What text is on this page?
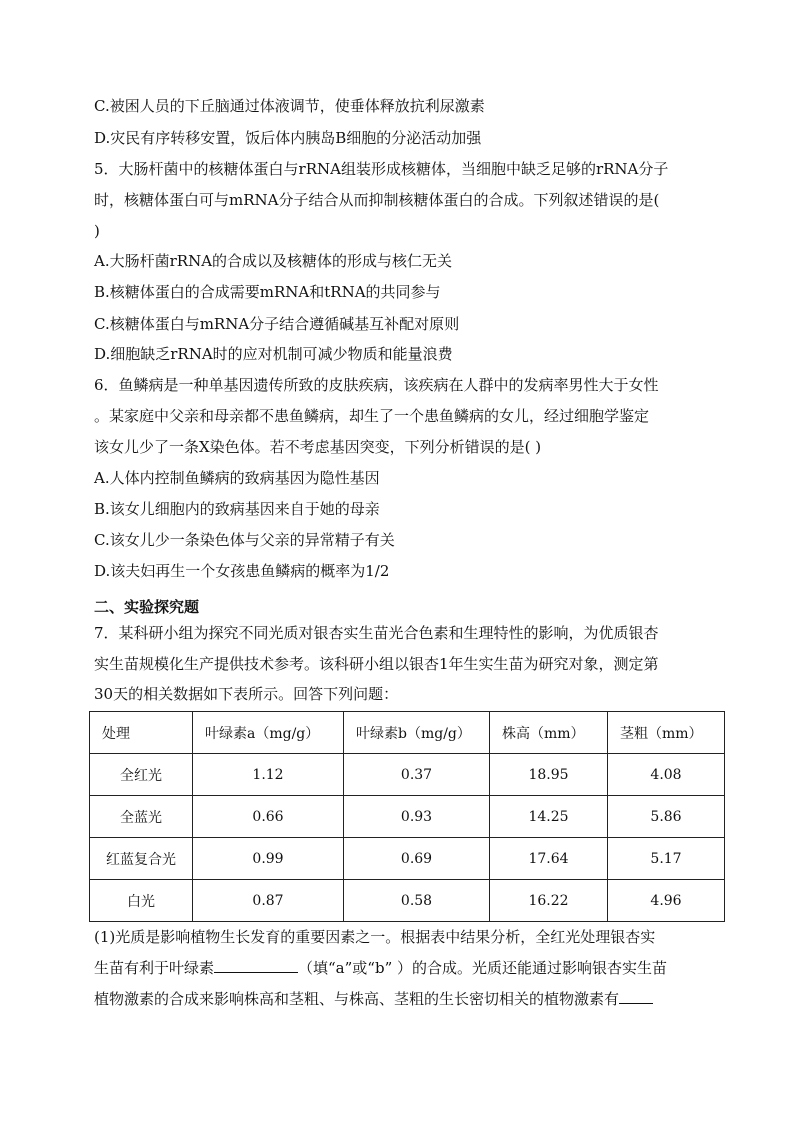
C.被困人员的下丘脑通过体液调节，使垂体释放抗利尿激素
D.灾民有序转移安置，饭后体内胰岛B细胞的分泌活动加强
5．大肠杆菌中的核糖体蛋白与rRNA组装形成核糖体，当细胞中缺乏足够的rRNA分子
时，核糖体蛋白可与mRNA分子结合从而抑制核糖体蛋白的合成。下列叙述错误的是(
)
A.大肠杆菌rRNA的合成以及核糖体的形成与核仁无关
B.核糖体蛋白的合成需要mRNA和tRNA的共同参与
C.核糖体蛋白与mRNA分子结合遵循碱基互补配对原则
D.细胞缺乏rRNA时的应对机制可减少物质和能量浪费
6．鱼鳞病是一种单基因遗传所致的皮肤疾病，该疾病在人群中的发病率男性大于女性
。某家庭中父亲和母亲都不患鱼鳞病，却生了一个患鱼鳞病的女儿，经过细胞学鉴定
该女儿少了一条X染色体。若不考虑基因突变，下列分析错误的是( )
A.人体内控制鱼鳞病的致病基因为隐性基因
B.该女儿细胞内的致病基因来自于她的母亲
C.该女儿少一条染色体与父亲的异常精子有关
D.该夫妇再生一个女孩患鱼鳞病的概率为1/2
二、实验探究题
7．某科研小组为探究不同光质对银杏实生苗光合色素和生理特性的影响，为优质银杏
实生苗规模化生产提供技术参考。该科研小组以银杏1年生实生苗为研究对象，测定第
30天的相关数据如下表所示。回答下列问题：
处理	叶绿素a（mg/g）	叶绿素b（mg/g）	株高（mm）	茎粗（mm）
全红光	1.12	0.37	18.95	4.08
全蓝光	0.66	0.93	14.25	5.86
红蓝复合光	0.99	0.69	17.64	5.17
白光	0.87	0.58	16.22	4.96
(1)光质是影响植物生长发育的重要因素之一。根据表中结果分析，全红光处理银杏实
生苗有利于叶绿素	（填“a”或“b” ）的合成。光质还能通过影响银杏实生苗
植物激素的合成来影响株高和茎粗、与株高、茎粗的生长密切相关的植物激素有
